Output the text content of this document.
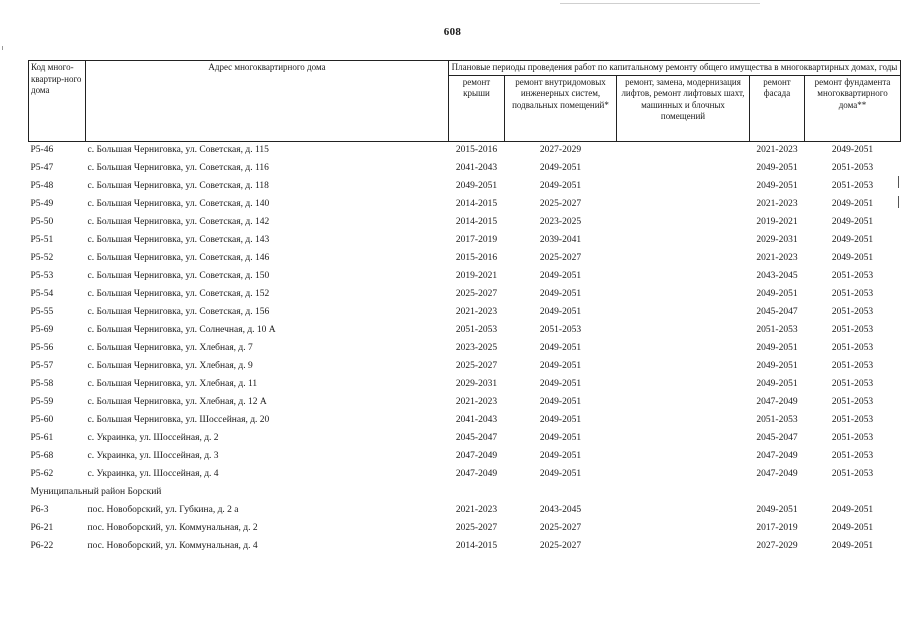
608
Код много-квартир-ного дома	Адрес многоквартирного дома	Плановые периоды проведения работ по капитальному ремонту общего имущества в многоквартирных домах, годы				
		ремонт крыши	ремонт внутридомовых инженерных систем, подвальных помещений*	ремонт, замена, модернизация лифтов, ремонт лифтовых шахт, машинных и блочных помещений	ремонт фасада	ремонт фундамента многоквартирного дома**
Р5-46	с. Большая Черниговка, ул. Советская, д. 115	2015-2016	2027-2029		2021-2023	2049-2051
Р5-47	с. Большая Черниговка, ул. Советская, д. 116	2041-2043	2049-2051		2049-2051	2051-2053
Р5-48	с. Большая Черниговка, ул. Советская, д. 118	2049-2051	2049-2051		2049-2051	2051-2053
Р5-49	с. Большая Черниговка, ул. Советская, д. 140	2014-2015	2025-2027		2021-2023	2049-2051
Р5-50	с. Большая Черниговка, ул. Советская, д. 142	2014-2015	2023-2025		2019-2021	2049-2051
Р5-51	с. Большая Черниговка, ул. Советская, д. 143	2017-2019	2039-2041		2029-2031	2049-2051
Р5-52	с. Большая Черниговка, ул. Советская, д. 146	2015-2016	2025-2027		2021-2023	2049-2051
Р5-53	с. Большая Черниговка, ул. Советская, д. 150	2019-2021	2049-2051		2043-2045	2051-2053
Р5-54	с. Большая Черниговка, ул. Советская, д. 152	2025-2027	2049-2051		2049-2051	2051-2053
Р5-55	с. Большая Черниговка, ул. Советская, д. 156	2021-2023	2049-2051		2045-2047	2051-2053
Р5-69	с. Большая Черниговка, ул. Солнечная, д. 10 А	2051-2053	2051-2053		2051-2053	2051-2053
Р5-56	с. Большая Черниговка, ул. Хлебная, д. 7	2023-2025	2049-2051		2049-2051	2051-2053
Р5-57	с. Большая Черниговка, ул. Хлебная, д. 9	2025-2027	2049-2051		2049-2051	2051-2053
Р5-58	с. Большая Черниговка, ул. Хлебная, д. 11	2029-2031	2049-2051		2049-2051	2051-2053
Р5-59	с. Большая Черниговка, ул. Хлебная, д. 12 А	2021-2023	2049-2051		2047-2049	2051-2053
Р5-60	с. Большая Черниговка, ул. Шоссейная, д. 20	2041-2043	2049-2051		2051-2053	2051-2053
Р5-61	с. Украинка, ул. Шоссейная, д. 2	2045-2047	2049-2051		2045-2047	2051-2053
Р5-68	с. Украинка, ул. Шоссейная, д. 3	2047-2049	2049-2051		2047-2049	2051-2053
Р5-62	с. Украинка, ул. Шоссейная, д. 4	2047-2049	2049-2051		2047-2049	2051-2053
Муниципальный район Борский						
Р6-3	пос. Новоборский, ул. Губкина, д. 2 а	2021-2023	2043-2045		2049-2051	2049-2051
Р6-21	пос. Новоборский, ул. Коммунальная, д. 2	2025-2027	2025-2027		2017-2019	2049-2051
Р6-22	пос. Новоборский, ул. Коммунальная, д. 4	2014-2015	2025-2027		2027-2029	2049-2051
